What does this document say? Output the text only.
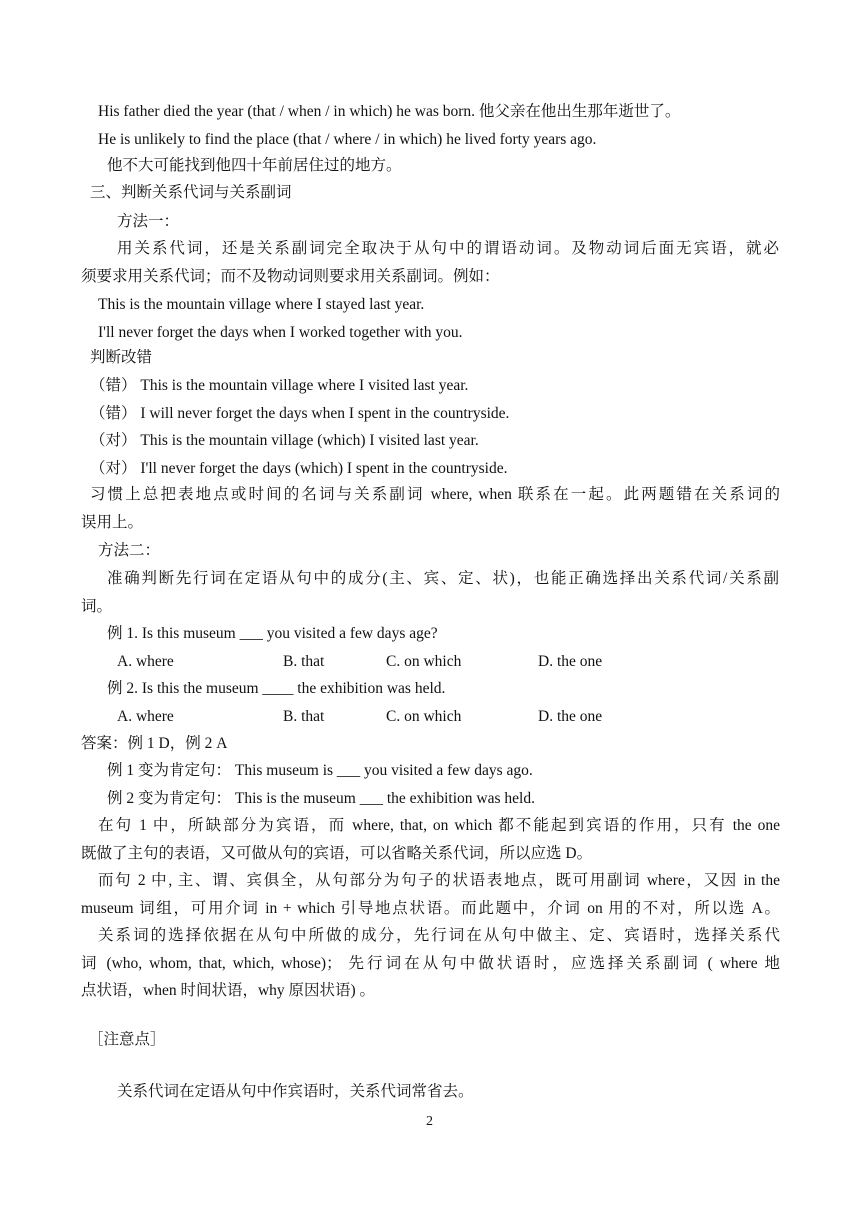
His father died the year (that / when / in which) he was born. 他父亲在他出生那年逝世了。
He is unlikely to find the place (that / where / in which) he lived forty years ago.
他不大可能找到他四十年前居住过的地方。
三、判断关系代词与关系副词
方法一：
用关系代词，还是关系副词完全取决于从句中的谓语动词。及物动词后面无宾语，就必
须要求用关系代词；而不及物动词则要求用关系副词。例如：
This is the mountain village where I stayed last year.
I'll never forget the days when I worked together with you.
判断改错
（错） This is the mountain village where I visited last year.
（错） I will never forget the days when I spent in the countryside.
（对） This is the mountain village (which) I visited last year.
（对） I'll never forget the days (which) I spent in the countryside.
习惯上总把表地点或时间的名词与关系副词 where, when 联系在一起。此两题错在关系词的
误用上。
方法二：
准确判断先行词在定语从句中的成分(主、宾、定、状)，也能正确选择出关系代词/关系副
词。
例 1. Is this museum ___ you visited a few days age?
A. where	B. that	C. on which	D. the one
例 2. Is this the museum ____ the exhibition was held.
A. where	B. that	C. on which	D. the one
答案：例 1 D，例 2 A
例 1 变为肯定句： This museum is ___ you visited a few days ago.
例 2 变为肯定句： This is the museum ___ the exhibition was held.
在句 1 中，所缺部分为宾语，而 where, that, on which 都不能起到宾语的作用，只有 the one
既做了主句的表语，又可做从句的宾语，可以省略关系代词，所以应选 D。
而句 2 中, 主、谓、宾俱全，从句部分为句子的状语表地点，既可用副词 where，又因 in the
museum 词组，可用介词 in + which 引导地点状语。而此题中，介词 on 用的不对，所以选 A。
关系词的选择依据在从句中所做的成分，先行词在从句中做主、定、宾语时，选择关系代
词 (who, whom, that, which, whose)； 先行词在从句中做状语时，应选择关系副词 ( where 地
点状语，when 时间状语，why 原因状语) 。
［注意点］
关系代词在定语从句中作宾语时，关系代词常省去。
2
